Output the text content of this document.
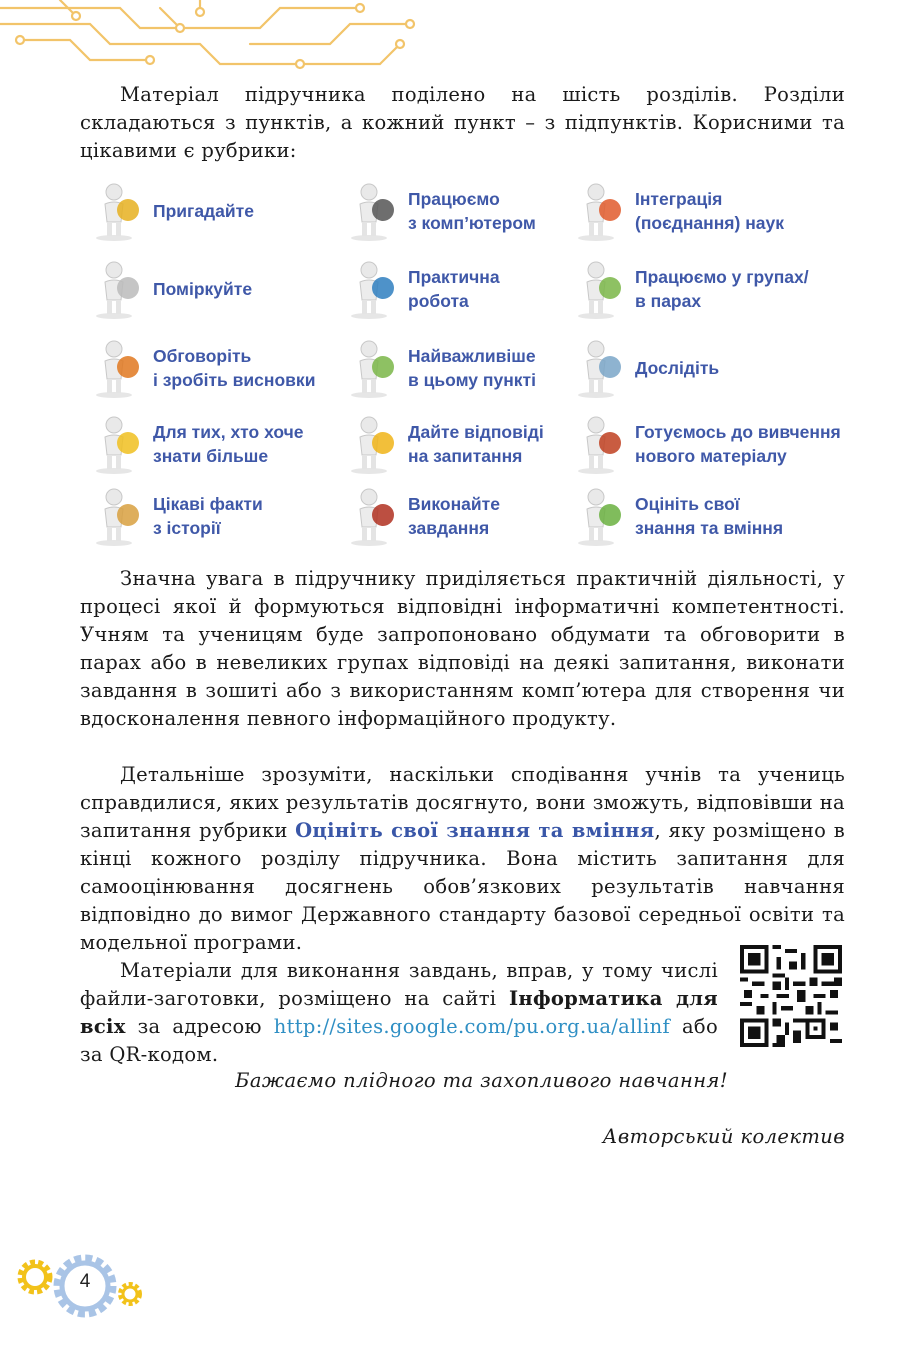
Матеріал підручника поділено на шість розділів. Розділи складаються з пунктів, а кожний пункт – з підпунктів. Корисними та цікавими є рубрики:

Пригадайте
Працюємо
з комп’ютером
Інтеграція
(поєднання) наук
Поміркуйте
Практична
робота
Працюємо у групах/
в парах
Обговоріть
і зробіть висновки
Найважливіше
в цьому пункті
Дослідіть
Для тих, хто хоче
знати більше
Дайте відповіді
на запитання
Готуємось до вивчення
нового матеріалу
Цікаві факти
з історії
Виконайте
завдання
Оцініть свої
знання та вміння

Значна увага в підручнику приділяється практичній діяльності, у процесі якої й формуються відповідні інформатичні компетентності. Учням та ученицям буде запропоновано обдумати та обговорити в парах або в невеликих групах відповіді на деякі запитання, виконати завдання в зошиті або з використанням комп’ютера для створення чи вдосконалення певного інформаційного продукту.

Детальніше зрозуміти, наскільки сподівання учнів та учениць справдилися, яких результатів досягнуто, вони зможуть, відповівши на запитання рубрики Оцініть свої знання та вміння, яку розміщено в кінці кожного розділу підручника. Вона містить запитання для самооцінювання досягнень обов’язкових результатів навчання відповідно до вимог Державного стандарту базової середньої освіти та модельної програми.

Матеріали для виконання завдань, вправ, у тому числі файли-заготовки, розміщено на сайті Інформатика для всіх за адресою http://sites.google.com/pu.org.ua/allinf або за QR-кодом.

Бажаємо плідного та захопливого навчання!
Авторський колектив
4
